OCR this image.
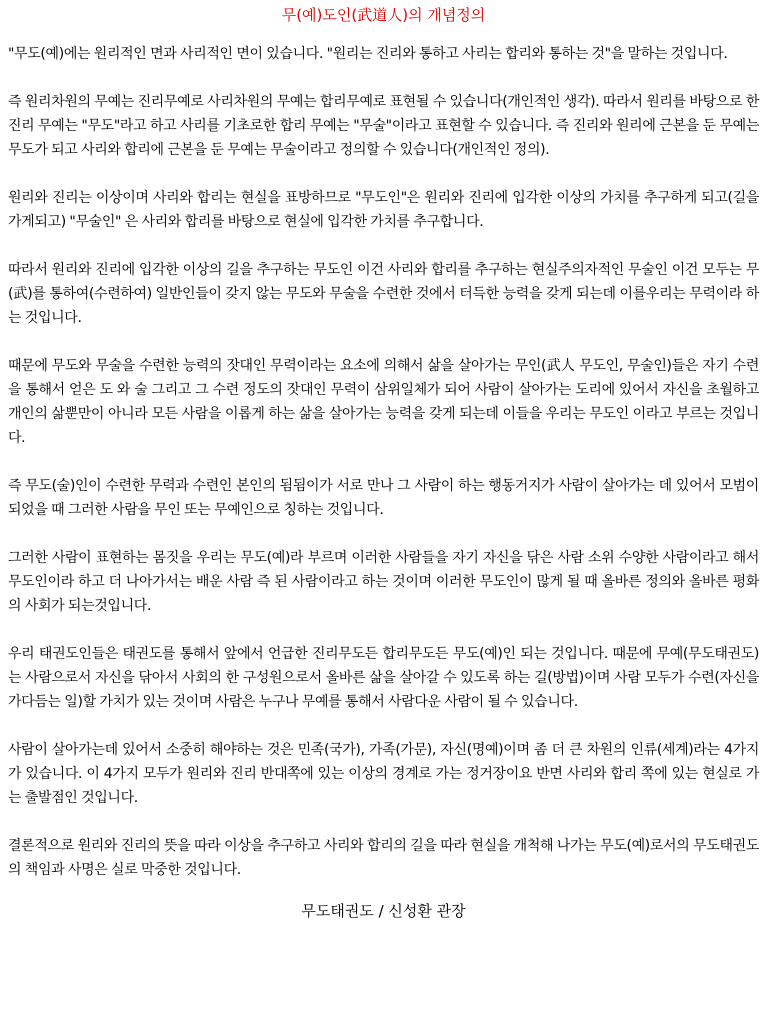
무(예)도인(武道人)의 개념정의

"무도(예)에는 원리적인 면과 사리적인 면이 있습니다. "원리는 진리와 통하고 사리는 합리와 통하는 것"을 말하는 것입니다.

즉 원리차원의 무예는 진리무예로 사리차원의 무예는 합리무예로 표현될 수 있습니다(개인적인 생각). 따라서 원리를 바탕으로 한 진리 무예는 "무도"라고 하고 사리를 기초로한 합리 무예는 "무술"이라고 표현할 수 있습니다. 즉 진리와 원리에 근본을 둔 무예는 무도가 되고 사리와 합리에 근본을 둔 무예는 무술이라고 정의할 수 있습니다(개인적인 정의).

원리와 진리는 이상이며 사리와 합리는 현실을 표방하므로 "무도인"은 원리와 진리에 입각한 이상의 가치를 추구하게 되고(길을 가게되고) "무술인" 은 사리와 합리를 바탕으로 현실에 입각한 가치를 추구합니다.

따라서 원리와 진리에 입각한 이상의 길을 추구하는 무도인 이건 사리와 합리를 추구하는 현실주의자적인 무술인 이건 모두는 무(武)를 통하여(수련하여) 일반인들이 갖지 않는 무도와 무술을 수련한 것에서 터득한 능력을 갖게 되는데 이를우리는 무력이라 하는 것입니다.

때문에 무도와 무술을 수련한 능력의 잣대인 무력이라는 요소에 의해서 삶을 살아가는 무인(武人 무도인, 무술인)들은 자기 수련을 통해서 얻은 도 와 술 그리고 그 수련 정도의 잣대인 무력이 삼위일체가 되어 사람이 살아가는 도리에 있어서 자신을 초월하고 개인의 삶뿐만이 아니라 모든 사람을 이롭게 하는 삶을 살아가는 능력을 갖게 되는데 이들을 우리는 무도인 이라고 부르는 것입니다.

즉 무도(술)인이 수련한 무력과 수련인 본인의 됨됨이가 서로 만나 그 사람이 하는 행동거지가 사람이 살아가는 데 있어서 모범이 되었을 때 그러한 사람을 무인 또는 무예인으로 칭하는 것입니다.

그러한 사람이 표현하는 몸짓을 우리는 무도(예)라 부르며 이러한 사람들을 자기 자신을 닦은 사람 소위 수양한 사람이라고 해서 무도인이라 하고 더 나아가서는 배운 사람 즉 된 사람이라고 하는 것이며 이러한 무도인이 많게 될 때 올바른 정의와 올바른 평화의 사회가 되는것입니다.

우리 태권도인들은 태권도를 통해서 앞에서 언급한 진리무도든 합리무도든 무도(예)인 되는 것입니다. 때문에 무예(무도태권도)는 사람으로서 자신을 닦아서 사회의 한 구성원으로서 올바른 삶을 살아갈 수 있도록 하는 길(방법)이며 사람 모두가 수련(자신을 가다듬는 일)할 가치가 있는 것이며 사람은 누구나 무예를 통해서 사람다운 사람이 될 수 있습니다.

사람이 살아가는데 있어서 소중히 해야하는 것은 민족(국가), 가족(가문), 자신(명예)이며 좀 더 큰 차원의 인류(세계)라는 4가지가 있습니다. 이 4가지 모두가 원리와 진리 반대쪽에 있는 이상의 경계로 가는 정거장이요 반면 사리와 합리 쪽에 있는 현실로 가는 출발점인 것입니다.

결론적으로 원리와 진리의 뜻을 따라 이상을 추구하고 사리와 합리의 길을 따라 현실을 개척해 나가는 무도(예)로서의 무도태권도의 책임과 사명은 실로 막중한 것입니다.

무도태권도 / 신성환 관장
